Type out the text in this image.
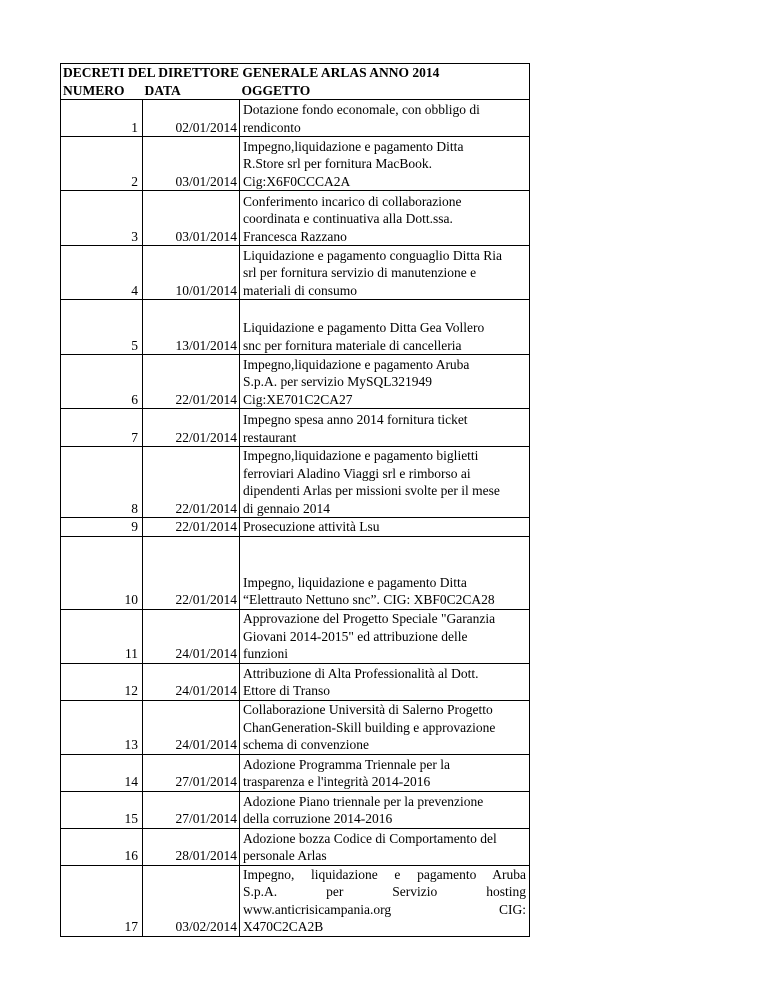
DECRETI DEL DIRETTORE GENERALE ARLAS ANNO 2014		
NUMERO	DATA	OGGETTO
1	02/01/2014	Dotazione fondo economale, con obbligo di
rendiconto
2	03/01/2014	Impegno,liquidazione e pagamento Ditta
R.Store srl per fornitura MacBook.
Cig:X6F0CCCA2A
3	03/01/2014	Conferimento incarico di collaborazione
coordinata e continuativa alla Dott.ssa.
Francesca Razzano
4	10/01/2014	Liquidazione e pagamento conguaglio Ditta Ria
srl per fornitura servizio di manutenzione e
materiali di consumo
5	13/01/2014	Liquidazione e pagamento Ditta Gea Vollero
snc per fornitura materiale di cancelleria
6	22/01/2014	Impegno,liquidazione e pagamento Aruba
S.p.A. per servizio MySQL321949
Cig:XE701C2CA27
7	22/01/2014	Impegno spesa anno 2014 fornitura ticket
restaurant
8	22/01/2014	Impegno,liquidazione e pagamento biglietti
ferroviari Aladino Viaggi srl e rimborso ai
dipendenti Arlas per missioni svolte per il mese
di gennaio 2014
9	22/01/2014	Prosecuzione attività Lsu
10	22/01/2014	Impegno, liquidazione e pagamento Ditta
“Elettrauto Nettuno snc”. CIG: XBF0C2CA28
11	24/01/2014	Approvazione del Progetto Speciale "Garanzia
Giovani 2014-2015" ed attribuzione delle
funzioni
12	24/01/2014	Attribuzione di Alta Professionalità al Dott.
Ettore di Transo
13	24/01/2014	Collaborazione Università di Salerno Progetto
ChanGeneration-Skill building e approvazione
schema di convenzione
14	27/01/2014	Adozione Programma Triennale per la
trasparenza e l'integrità 2014-2016
15	27/01/2014	Adozione Piano triennale per la prevenzione
della corruzione 2014-2016
16	28/01/2014	Adozione bozza Codice di Comportamento del
personale Arlas
17	03/02/2014	Impegno, liquidazione e pagamento Aruba
S.p.A. per Servizio hosting
www.anticrisicampania.org CIG:
X470C2CA2B
